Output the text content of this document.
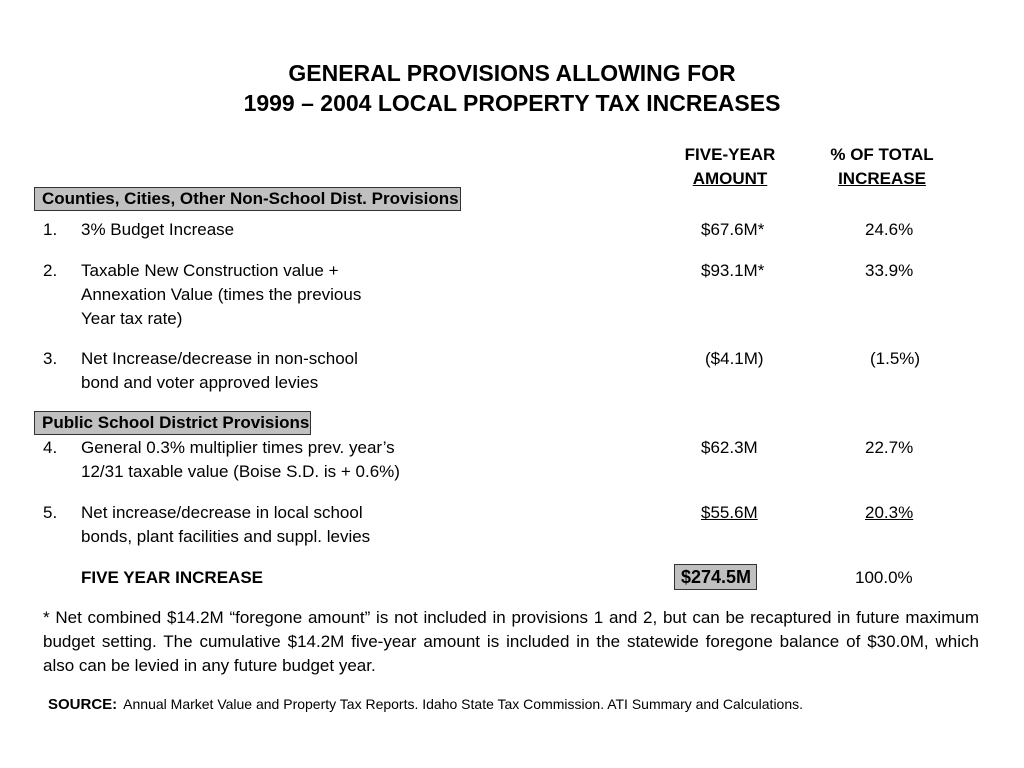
GENERAL PROVISIONS ALLOWING FOR
1999 – 2004 LOCAL PROPERTY TAX INCREASES
FIVE-YEAR
AMOUNT
% OF TOTAL
INCREASE
Counties, Cities, Other Non-School Dist. Provisions
1. 3% Budget Increase	$67.6M*	24.6%
2. Taxable New Construction value +
Annexation Value (times the previous
Year tax rate)
$93.1M*	33.9%
3. Net Increase/decrease in non-school
bond and voter approved levies
($4.1M)	(1.5%)
Public School District Provisions
4. General 0.3% multiplier times prev. year’s
12/31 taxable value (Boise S.D. is + 0.6%)
$62.3M	22.7%
5. Net increase/decrease in local school
bonds, plant facilities and suppl. levies
$55.6M	20.3%
FIVE YEAR INCREASE	$274.5M	100.0%
* Net combined $14.2M “foregone amount” is not included in provisions 1 and 2, but can be recaptured in future maximum budget setting. The cumulative $14.2M five-year amount is included in the statewide foregone balance of $30.0M, which also can be levied in any future budget year.
SOURCE: Annual Market Value and Property Tax Reports. Idaho State Tax Commission. ATI Summary and Calculations.
